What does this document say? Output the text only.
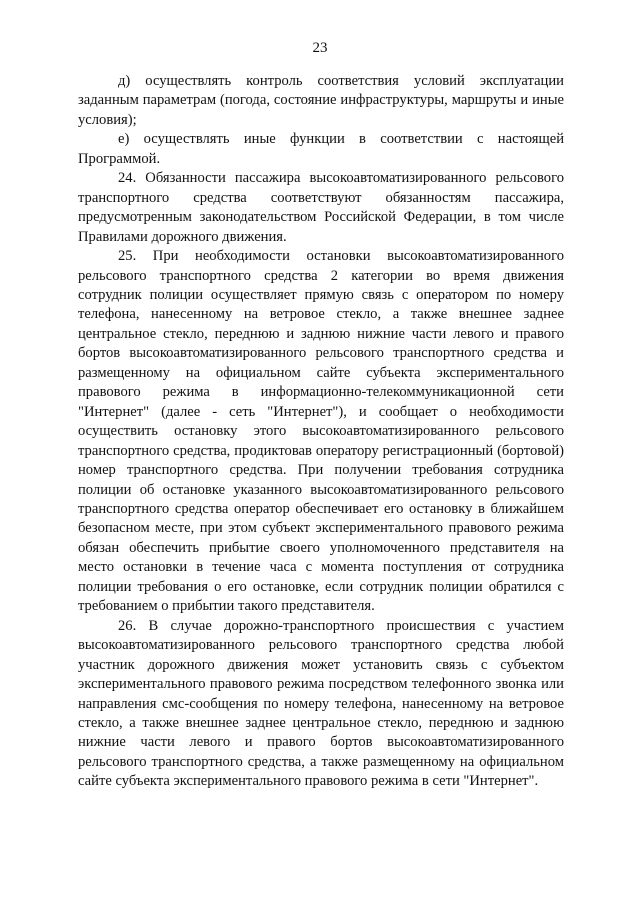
23

д) осуществлять контроль соответствия условий эксплуатации заданным параметрам (погода, состояние инфраструктуры, маршруты и иные условия);

е) осуществлять иные функции в соответствии с настоящей Программой.

24. Обязанности пассажира высокоавтоматизированного рельсового транспортного средства соответствуют обязанностям пассажира, предусмотренным законодательством Российской Федерации, в том числе Правилами дорожного движения.

25. При необходимости остановки высокоавтоматизированного рельсового транспортного средства 2 категории во время движения сотрудник полиции осуществляет прямую связь с оператором по номеру телефона, нанесенному на ветровое стекло, а также внешнее заднее центральное стекло, переднюю и заднюю нижние части левого и правого бортов высокоавтоматизированного рельсового транспортного средства и размещенному на официальном сайте субъекта экспериментального правового режима в информационно-телекоммуникационной сети "Интернет" (далее - сеть "Интернет"), и сообщает о необходимости осуществить остановку этого высокоавтоматизированного рельсового транспортного средства, продиктовав оператору регистрационный (бортовой) номер транспортного средства. При получении требования сотрудника полиции об остановке указанного высокоавтоматизированного рельсового транспортного средства оператор обеспечивает его остановку в ближайшем безопасном месте, при этом субъект экспериментального правового режима обязан обеспечить прибытие своего уполномоченного представителя на место остановки в течение часа с момента поступления от сотрудника полиции требования о его остановке, если сотрудник полиции обратился с требованием о прибытии такого представителя.

26. В случае дорожно-транспортного происшествия с участием высокоавтоматизированного рельсового транспортного средства любой участник дорожного движения может установить связь с субъектом экспериментального правового режима посредством телефонного звонка или направления смс-сообщения по номеру телефона, нанесенному на ветровое стекло, а также внешнее заднее центральное стекло, переднюю и заднюю нижние части левого и правого бортов высокоавтоматизированного рельсового транспортного средства, а также размещенному на официальном сайте субъекта экспериментального правового режима в сети "Интернет".
